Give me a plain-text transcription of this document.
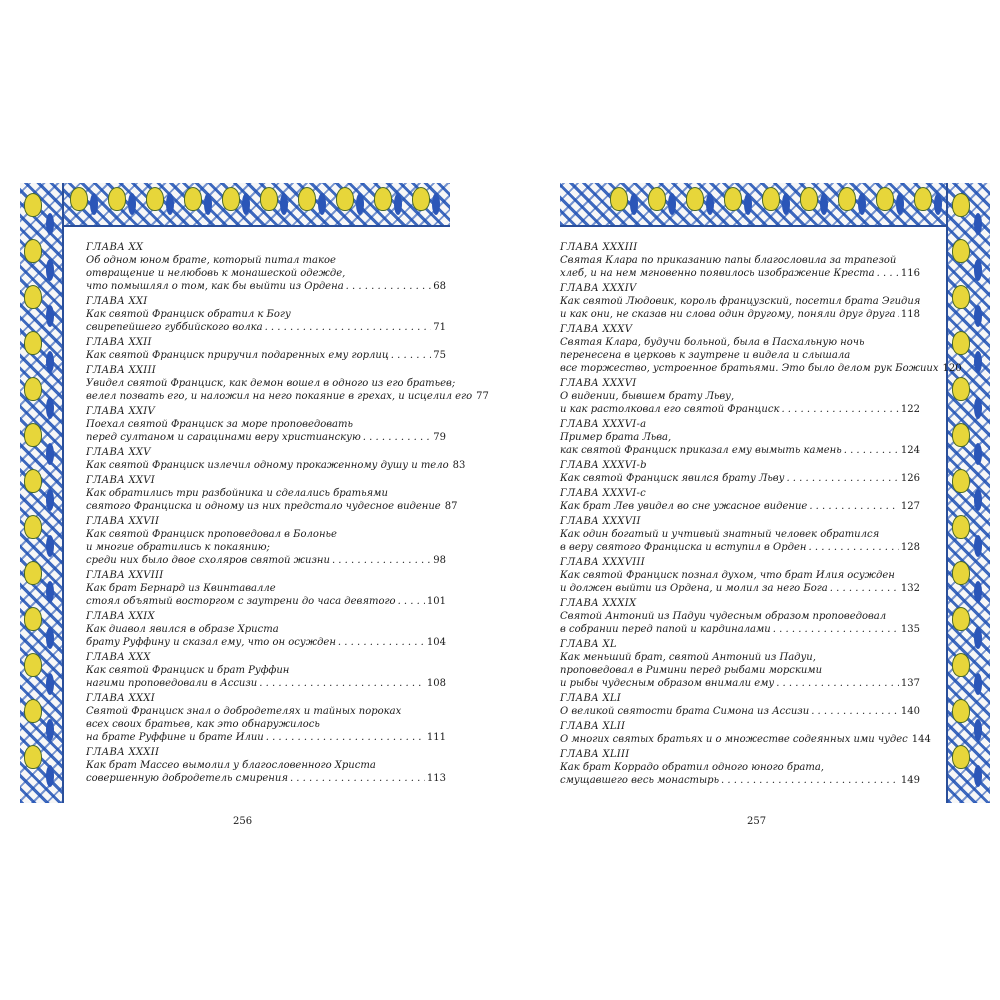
ГЛАВА XX
Об одном юном брате, который питал такое
отвращение и нелюбовь к монашеской одежде,
что помышлял о том, как бы выйти из Ордена . . .	68
ГЛАВА XXI
Как святой Франциск обратил к Богу
свирепейшего губбийского волка . . .	71
ГЛАВА XXII
Как святой Франциск приручил подаренных ему горлиц . . .	75
ГЛАВА XXIII
Увидел святой Франциск, как демон вошел в одного из его братьев;
велел позвать его, и наложил на него покаяние в грехах, и исцелил его 77
ГЛАВА XXIV
Поехал святой Франциск за море проповедовать
перед султаном и сарацинами веру христианскую . . .	79
ГЛАВА XXV
Как святой Франциск излечил одному прокаженному душу и тело 83
ГЛАВА XXVI
Как обратились три разбойника и сделались братьями
святого Франциска и одному из них предстало чудесное видение 87
ГЛАВА XXVII
Как святой Франциск проповедовал в Болонье
и многие обратились к покаянию;
среди них было двое схоляров святой жизни . . .	98
ГЛАВА XXVIII
Как брат Бернард из Квинтаваллe
стоял объятый восторгом с заутрени до часа девятого . . .	101
ГЛАВА XXIX
Как диавол явился в образе Христа
брату Руффину и сказал ему, что он осужден . . .	104
ГЛАВА XXX
Как святой Франциск и брат Руффин
нагими проповедовали в Ассизи . . .	108
ГЛАВА XXXI
Святой Франциск знал о добродетелях и тайных пороках
всех своих братьев, как это обнаружилось
на брате Руффине и брате Илии . . .	111
ГЛАВА XXXII
Как брат Массео вымолил у благословенного Христа
совершенную добродетель смирения . . .	113
256
ГЛАВА XXXIII
Святая Клара по приказанию папы благословила за трапезой
хлеб, и на нем мгновенно появилось изображение Креста . . .	116
ГЛАВА XXXIV
Как святой Людовик, король французский, посетил брата Эгидия
и как они, не сказав ни слова один другому, поняли друг друга . . . 118
ГЛАВА XXXV
Святая Клара, будучи больной, была в Пасхальную ночь
перенесена в церковь к заутрене и видела и слышала
все торжество, устроенное братьями. Это было делом рук Божиих 120
ГЛАВА XXXVI
О видении, бывшем брату Льву,
и как растолковал его святой Франциск . . .	122
ГЛАВА XXXVI-a
Пример брата Льва,
как святой Франциск приказал ему вымыть камень . . .	124
ГЛАВА XXXVI-b
Как святой Франциск явился брату Льву . . .	126
ГЛАВА XXXVI-c
Как брат Лев увидел во сне ужасное видение . . .	127
ГЛАВА XXXVII
Как один богатый и учтивый знатный человек обратился
в веру святого Франциска и вступил в Орден . . .	128
ГЛАВА XXXVIII
Как святой Франциск познал духом, что брат Илия осужден
и должен выйти из Ордена, и молил за него Бога . . .	132
ГЛАВА XXXIX
Святой Антоний из Падуи чудесным образом проповедовал
в собрании перед папой и кардиналами . . .	135
ГЛАВА XL
Как меньший брат, святой Антоний из Падуи,
проповедовал в Римини перед рыбами морскими
и рыбы чудесным образом внимали ему . . .	137
ГЛАВА XLI
О великой святости брата Симона из Ассизи . . .	140
ГЛАВА XLII
О многих святых братьях и о множестве содеянных ими чудес 144
ГЛАВА XLIII
Как брат Коррадо обратил одного юного брата,
смущавшего весь монастырь . . .	149
257
